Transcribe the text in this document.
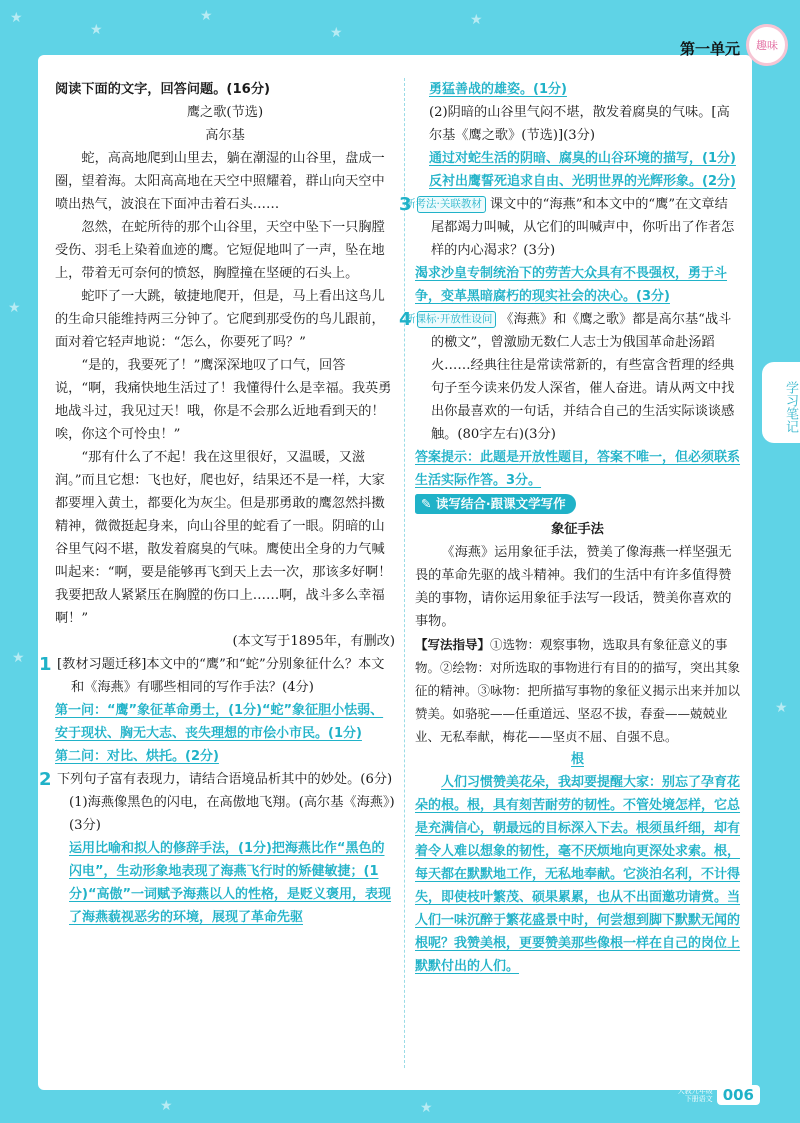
★
★
★
★
★
★
★
★	★
★
第一单元	趣味
学习笔记

阅读下面的文字，回答问题。(16分)

鹰之歌(节选)

高尔基

蛇，高高地爬到山里去，躺在潮湿的山谷里，盘成一圈，望着海。太阳高高地在天空中照耀着，群山向天空中喷出热气，波浪在下面冲击着石头……

忽然，在蛇所待的那个山谷里，天空中坠下一只胸膛受伤、羽毛上染着血迹的鹰。它短促地叫了一声，坠在地上，带着无可奈何的愤怒，胸膛撞在坚硬的石头上。

蛇吓了一大跳，敏捷地爬开，但是，马上看出这鸟儿的生命只能维持两三分钟了。它爬到那受伤的鸟儿跟前，面对着它轻声地说：“怎么，你要死了吗？”

“是的，我要死了！”鹰深深地叹了口气，回答说，“啊，我痛快地生活过了！我懂得什么是幸福。我英勇地战斗过，我见过天！哦，你是不会那么近地看到天的！唉，你这个可怜虫！”

“那有什么了不起！我在这里很好，又温暖，又滋润。”而且它想：飞也好，爬也好，结果还不是一样，大家都要埋入黄土，都要化为灰尘。但是那勇敢的鹰忽然抖擞精神，微微挺起身来，向山谷里的蛇看了一眼。阴暗的山谷里气闷不堪，散发着腐臭的气味。鹰使出全身的力气喊叫起来：“啊，要是能够再飞到天上去一次，那该多好啊！我要把敌人紧紧压在胸膛的伤口上……啊，战斗多么幸福啊！”

(本文写于1895年，有删改)

[教材习题迁移]本文中的“鹰”和“蛇”分别象征什么？本文和《海燕》有哪些相同的写作手法？(4分)

第一问：“鹰”象征革命勇士，(1分)“蛇”象征胆小怯弱、安于现状、胸无大志、丧失理想的市侩小市民。(1分)

第二问：对比、烘托。(2分)

下列句子富有表现力，请结合语境品析其中的妙处。(6分)

(1)海燕像黑色的闪电，在高傲地飞翔。(高尔基《海燕》)(3分)

运用比喻和拟人的修辞手法，(1分)把海燕比作“黑色的闪电”，生动形象地表现了海燕飞行时的矫健敏捷；(1分)“高傲”一词赋予海燕以人的性格，是贬义褒用，表现了海燕藐视恶劣的环境，展现了革命先驱

勇猛善战的雄姿。(1分)

(2)阴暗的山谷里气闷不堪，散发着腐臭的气味。[高尔基《鹰之歌》(节选)](3分)

通过对蛇生活的阴暗、腐臭的山谷环境的描写，(1分)反衬出鹰誓死追求自由、光明世界的光辉形象。(2分)

新考法·关联教材 课文中的“海燕”和本文中的“鹰”在文章结尾都竭力叫喊，从它们的叫喊声中，你听出了作者怎样的内心渴求？(3分)

渴求沙皇专制统治下的劳苦大众具有不畏强权，勇于斗争，变革黑暗腐朽的现实社会的决心。(3分)

新课标·开放性设问 《海燕》和《鹰之歌》都是高尔基“战斗的檄文”，曾激励无数仁人志士为俄国革命赴汤蹈火……经典往往是常读常新的，有些富含哲理的经典句子至今读来仍发人深省，催人奋进。请从两文中找出你最喜欢的一句话，并结合自己的生活实际谈谈感触。(80字左右)(3分)

答案提示：此题是开放性题目，答案不唯一，但必须联系生活实际作答。3分。

✎ 读写结合·跟课文学写作

象征手法

《海燕》运用象征手法，赞美了像海燕一样坚强无畏的革命先驱的战斗精神。我们的生活中有许多值得赞美的事物，请你运用象征手法写一段话，赞美你喜欢的事物。

【写法指导】①选物：观察事物，选取具有象征意义的事物。②绘物：对所选取的事物进行有目的的描写，突出其象征的精神。③咏物：把所描写事物的象征义揭示出来并加以赞美。如骆驼——任重道远、坚忍不拔，春蚕——兢兢业业、无私奉献，梅花——坚贞不屈、自强不息。

根

人们习惯赞美花朵，我却要提醒大家：别忘了孕育花朵的根。根，具有刻苦耐劳的韧性。不管处境怎样，它总是充满信心，朝最远的目标深入下去。根须虽纤细，却有着令人难以想象的韧性，毫不厌烦地向更深处求索。根，每天都在默默地工作，无私地奉献。它淡泊名利，不计得失，即使枝叶繁茂、硕果累累，也从不出面邀功请赏。当人们一味沉醉于繁花盛景中时，何尝想到脚下默默无闻的根呢？我赞美根，更要赞美那些像根一样在自己的岗位上默默付出的人们。

人教九年级
下册语文 006
